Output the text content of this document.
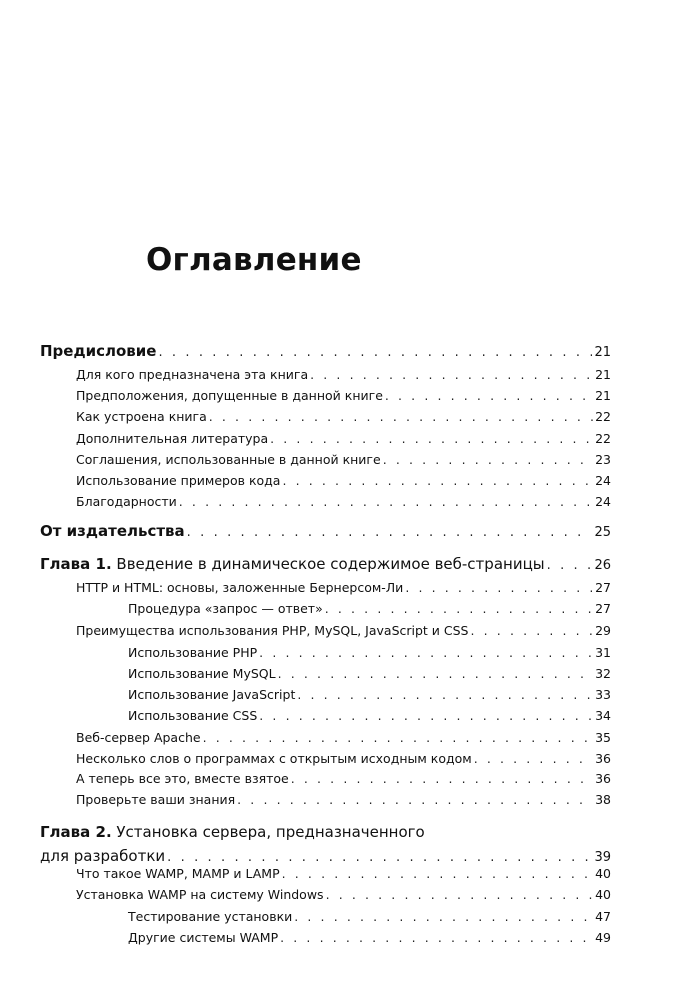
Оглавление
Предисловие . . .	21
Для кого предназначена эта книга . . .	21
Предположения, допущенные в данной книге . . .	21
Как устроена книга . . .	22
Дополнительная литература . . .	22
Соглашения, использованные в данной книге . . .	23
Использование примеров кода . . .	24
Благодарности . . .	24
От издательства . . .	25
Глава 1. Введение в динамическое содержимое веб-страницы . . .	26
HTTP и HTML: основы, заложенные Бернерсом-Ли . . .	27
Процедура «запрос — ответ» . . .	27
Преимущества использования PHP, MySQL, JavaScript и CSS . . .	29
Использование PHP . . .	31
Использование MySQL . . .	32
Использование JavaScript . . .	33
Использование CSS . . .	34
Веб-сервер Apache . . .	35
Несколько слов о программах с открытым исходным кодом . . .	36
А теперь все это, вместе взятое . . .	36
Проверьте ваши знания . . .	38
Глава 2. Установка сервера, предназначенного
для разработки . . .	39
Что такое WAMP, MAMP и LAMP . . .	40
Установка WAMP на систему Windows . . .	40
Тестирование установки . . .	47
Другие системы WAMP . . .	49
